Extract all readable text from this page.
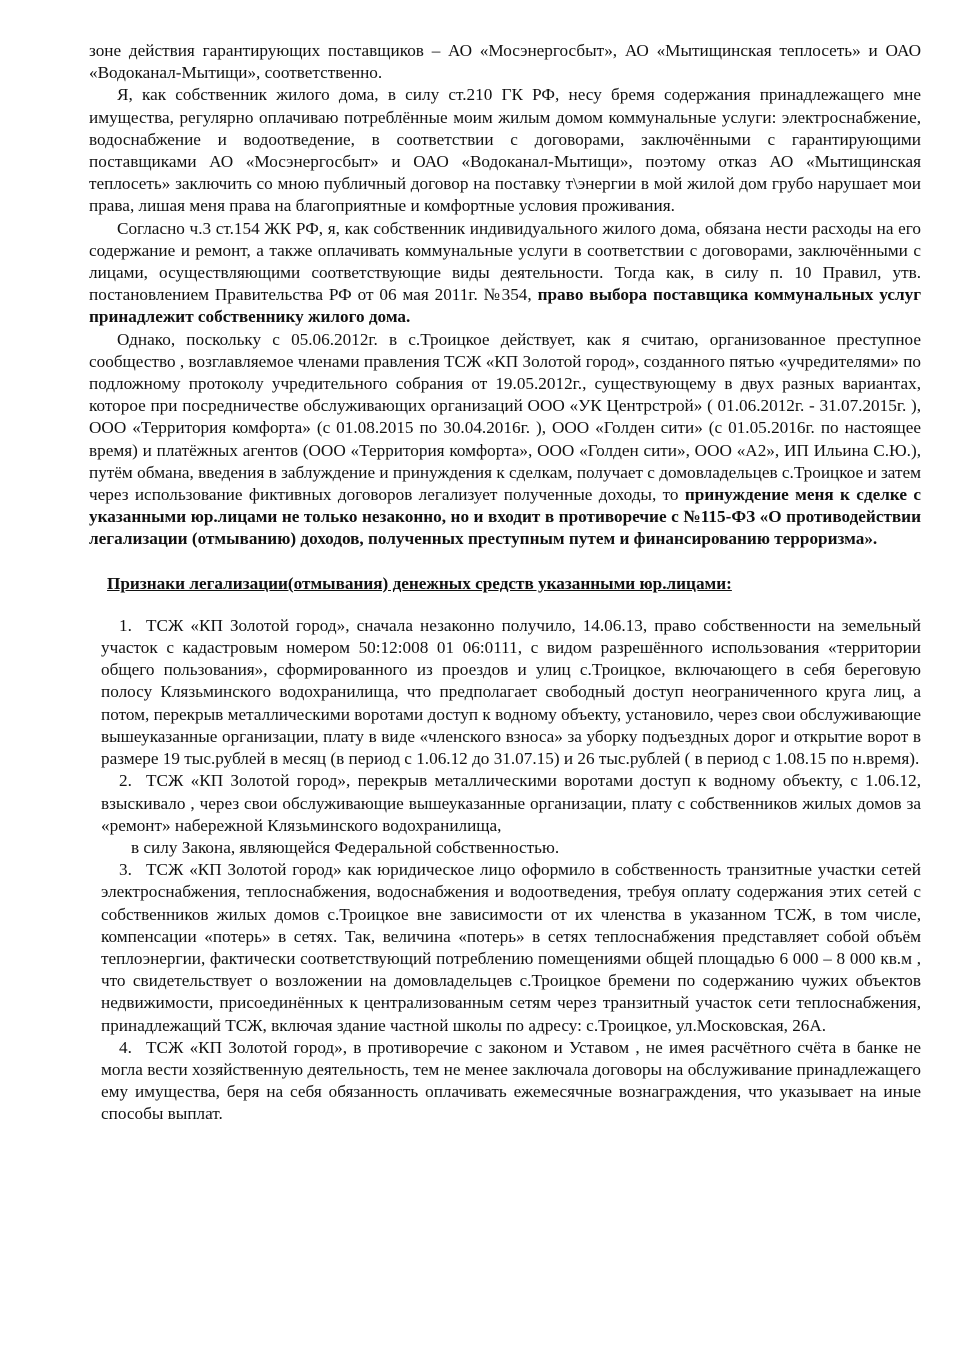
зоне действия гарантирующих поставщиков – АО «Мосэнергосбыт», АО «Мытищинская теплосеть» и ОАО «Водоканал-Мытищи», соответственно.

Я, как собственник жилого дома, в силу ст.210 ГК РФ, несу бремя содержания принадлежащего мне имущества, регулярно оплачиваю потреблённые моим жилым домом коммунальные услуги: электроснабжение, водоснабжение и водоотведение, в соответствии с договорами, заключёнными с гарантирующими поставщиками АО «Мосэнергосбыт» и ОАО «Водоканал-Мытищи», поэтому отказ АО «Мытищинская теплосеть» заключить со мною публичный договор на поставку т\энергии в мой жилой дом грубо нарушает мои права, лишая меня права на благоприятные и комфортные условия проживания.

Согласно ч.3 ст.154 ЖК РФ, я, как собственник индивидуального жилого дома, обязана нести расходы на его содержание и ремонт, а также оплачивать коммунальные услуги в соответствии с договорами, заключёнными с лицами, осуществляющими соответствующие виды деятельности. Тогда как, в силу п. 10 Правил, утв. постановлением Правительства РФ от 06 мая 2011г. №354, право выбора поставщика коммунальных услуг принадлежит собственнику жилого дома.

Однако, поскольку с 05.06.2012г. в с.Троицкое действует, как я считаю, организованное преступное сообщество , возглавляемое членами правления ТСЖ «КП Золотой город», созданного пятью «учредителями» по подложному протоколу учредительного собрания от 19.05.2012г., существующему в двух разных вариантах, которое при посредничестве обслуживающих организаций ООО «УК Центрстрой» ( 01.06.2012г. - 31.07.2015г. ), ООО «Территория комфорта» (с 01.08.2015 по 30.04.2016г. ), ООО «Голден сити» (с 01.05.2016г. по настоящее время) и платёжных агентов (ООО «Территория комфорта», ООО «Голден сити», ООО «А2», ИП Ильина С.Ю.), путём обмана, введения в заблуждение и принуждения к сделкам, получает с домовладельцев с.Троицкое и затем через использование фиктивных договоров легализует полученные доходы, то принуждение меня к сделке с указанными юр.лицами не только незаконно, но и входит в противоречие с №115-ФЗ «О противодействии легализации (отмыванию) доходов, полученных преступным путем и финансированию терроризма».

Признаки легализации(отмывания) денежных средств указанными юр.лицами:

1. ТСЖ «КП Золотой город», сначала незаконно получило, 14.06.13, право собственности на земельный участок с кадастровым номером 50:12:008 01 06:0111, с видом разрешённого использования «территории общего пользования», сформированного из проездов и улиц с.Троицкое, включающего в себя береговую полосу Клязьминского водохранилища, что предполагает свободный доступ неограниченного круга лиц, а потом, перекрыв металлическими воротами доступ к водному объекту, установило, через свои обслуживающие вышеуказанные организации, плату в виде «членского взноса» за уборку подъездных дорог и открытие ворот в размере 19 тыс.рублей в месяц (в период с 1.06.12 до 31.07.15) и 26 тыс.рублей ( в период с 1.08.15 по н.время).
2. ТСЖ «КП Золотой город», перекрыв металлическими воротами доступ к водному объекту, с 1.06.12, взыскивало , через свои обслуживающие вышеуказанные организации, плату с собственников жилых домов за «ремонт» набережной Клязьминского водохранилища,
в силу Закона, являющейся Федеральной собственностью.
3. ТСЖ «КП Золотой город» как юридическое лицо оформило в собственность транзитные участки сетей электроснабжения, теплоснабжения, водоснабжения и водоотведения, требуя оплату содержания этих сетей с собственников жилых домов с.Троицкое вне зависимости от их членства в указанном ТСЖ, в том числе, компенсации «потерь» в сетях. Так, величина «потерь» в сетях теплоснабжения представляет собой объём теплоэнергии, фактически соответствующий потреблению помещениями общей площадью 6 000 – 8 000 кв.м , что свидетельствует о возложении на домовладельцев с.Троицкое бремени по содержанию чужих объектов недвижимости, присоединённых к централизованным сетям через транзитный участок сети теплоснабжения, принадлежащий ТСЖ, включая здание частной школы по адресу: с.Троицкое, ул.Московская, 26А.
4. ТСЖ «КП Золотой город», в противоречие с законом и Уставом , не имея расчётного счёта в банке не могла вести хозяйственную деятельность, тем не менее заключала договоры на обслуживание принадлежащего ему имущества, беря на себя обязанность оплачивать ежемесячные вознаграждения, что указывает на иные способы выплат.
